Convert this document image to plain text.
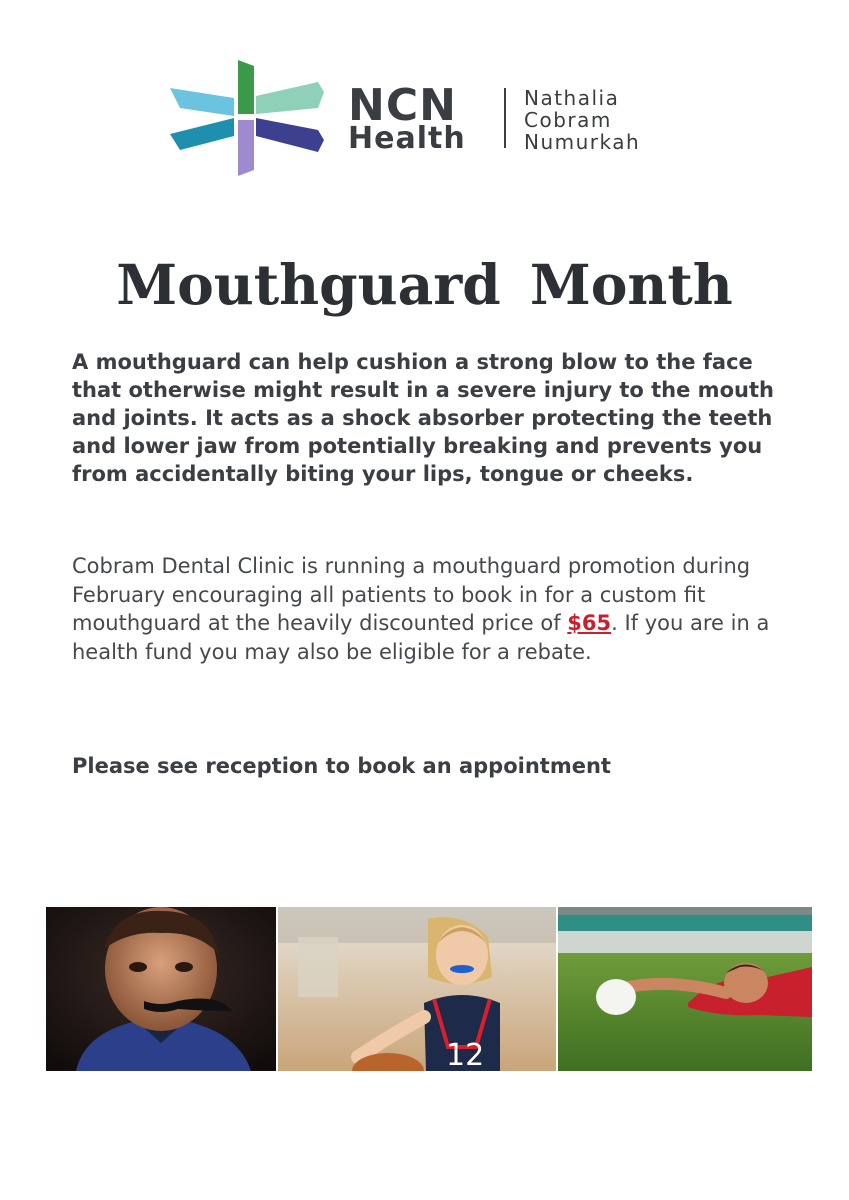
NCN
Health
Nathalia
Cobram
Numurkah
Mouthguard Month

A mouthguard can help cushion a strong blow to the face that otherwise might result in a severe injury to the mouth and joints. It acts as a shock absorber protecting the teeth and lower jaw from potentially breaking and prevents you from accidentally biting your lips, tongue or cheeks.

Cobram Dental Clinic is running a mouthguard promotion during February encouraging all patients to book in for a custom fit mouthguard at the heavily discounted price of $65. If you are in a health fund you may also be eligible for a rebate.

Please see reception to book an appointment

12
